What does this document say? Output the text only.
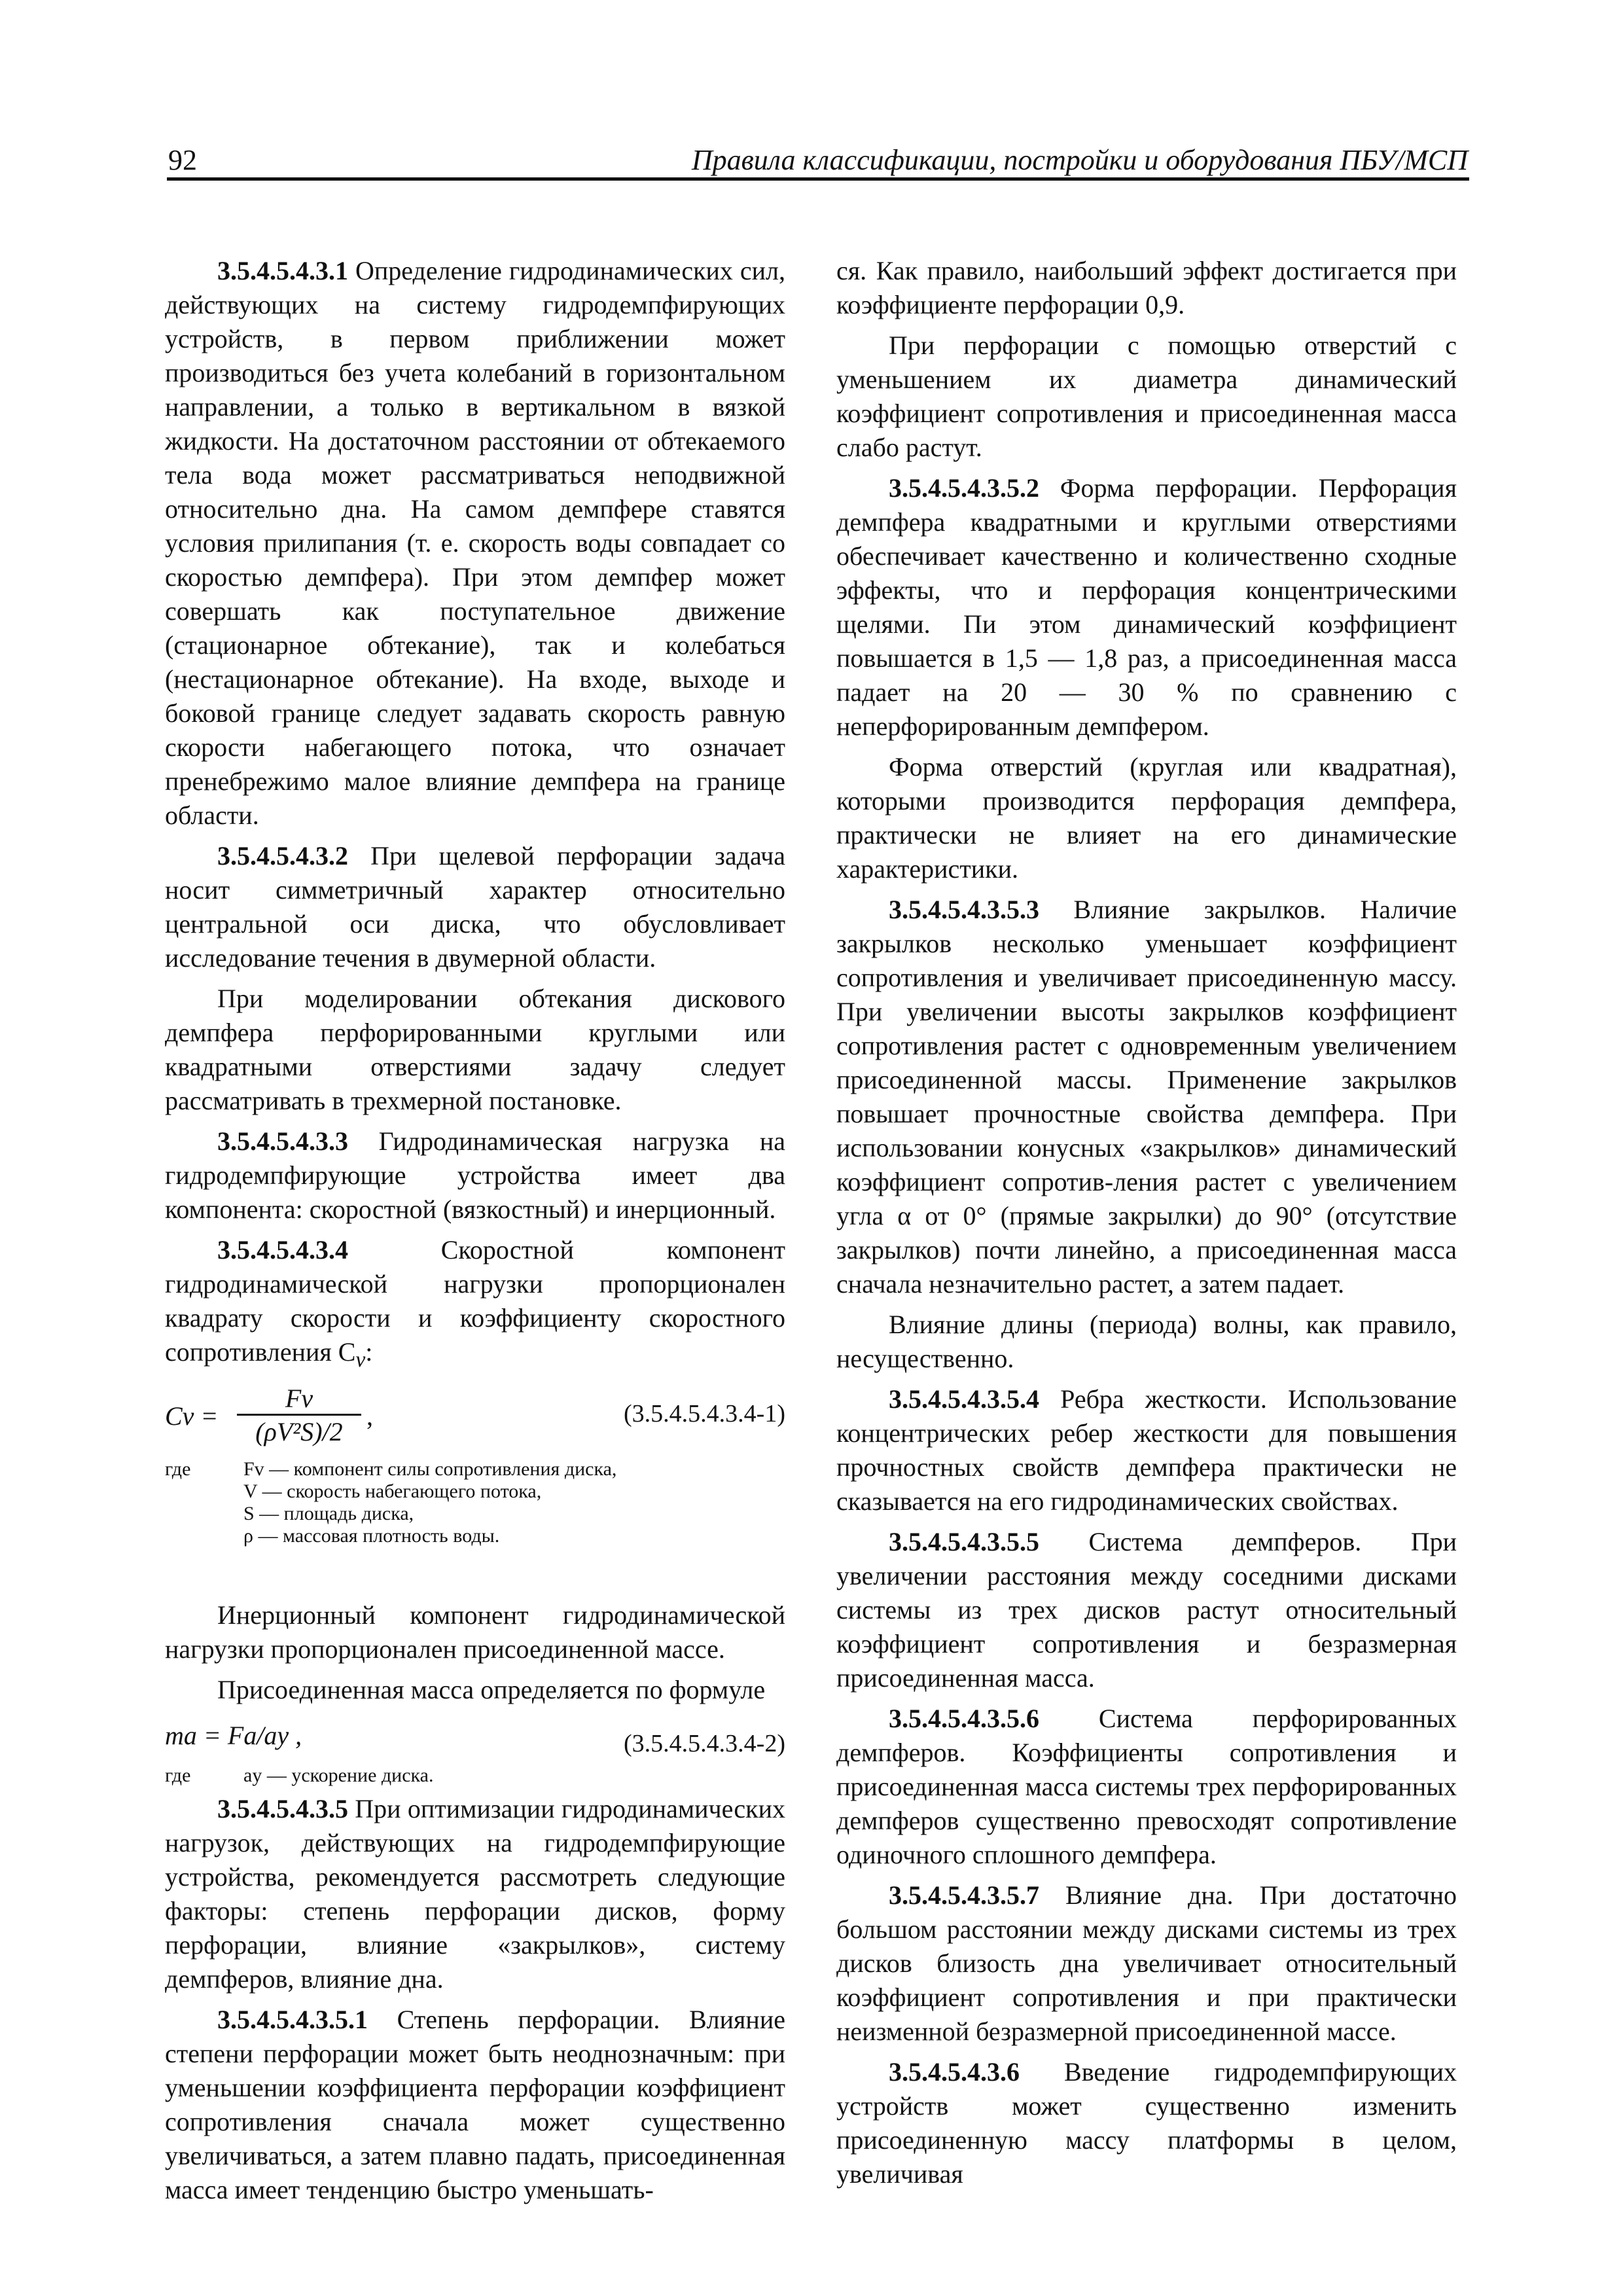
92	Правила классификации, постройки и оборудования ПБУ/МСП

3.5.4.5.4.3.1 Определение гидродинамических сил, действующих на систему гидродемпфирующих устройств, в первом приближении может производиться без учета колебаний в горизонтальном направлении, а только в вертикальном в вязкой жидкости. На достаточном расстоянии от обтекаемого тела вода может рассматриваться неподвижной относительно дна. На самом демпфере ставятся условия прилипания (т. е. скорость воды совпадает со скоростью демпфера). При этом демпфер может совершать как поступательное движение (стационарное обтекание), так и колебаться (нестационарное обтекание). На входе, выходе и боковой границе следует задавать скорость равную скорости набегающего потока, что означает пренебрежимо малое влияние демпфера на границе области.

3.5.4.5.4.3.2 При щелевой перфорации задача носит симметричный характер относительно центральной оси диска, что обусловливает исследование течения в двумерной области.

При моделировании обтекания дискового демпфера перфорированными круглыми или квадратными отверстиями задачу следует рассматривать в трехмерной постановке.

3.5.4.5.4.3.3 Гидродинамическая нагрузка на гидродемпфирующие устройства имеет два компонента: скоростной (вязкостный) и инерционный.

3.5.4.5.4.3.4 Скоростной компонент гидродинамической нагрузки пропорционален квадрату скорости и коэффициенту скоростного сопротивления $C_v$:

$Cv = \frac{Fv}{\text{(ρV²S)/2}}$ ,	(3.5.4.5.4.3.4-1)
где	Fv — компонент силы сопротивления диска,
V — скорость набегающего потока,
S — площадь диска,
ρ — массовая плотность воды.

Инерционный компонент гидродинамической нагрузки пропорционален присоединенной массе.

Присоединенная масса определяется по формуле

ma = Fa/ay ,	(3.5.4.5.4.3.4-2)
где	ay — ускорение диска.

3.5.4.5.4.3.5 При оптимизации гидродинамических нагрузок, действующих на гидродемпфирующие устройства, рекомендуется рассмотреть следующие факторы: степень перфорации дисков, форму перфорации, влияние «закрылков», систему демпферов, влияние дна.

3.5.4.5.4.3.5.1 Степень перфорации. Влияние степени перфорации может быть неоднозначным: при уменьшении коэффициента перфорации коэффициент сопротивления сначала может существенно увеличиваться, а затем плавно падать, присоединенная масса имеет тенденцию быстро уменьшать-

ся. Как правило, наибольший эффект достигается при коэффициенте перфорации 0,9.

При перфорации с помощью отверстий с уменьшением их диаметра динамический коэффициент сопротивления и присоединенная масса слабо растут.

3.5.4.5.4.3.5.2 Форма перфорации. Перфорация демпфера квадратными и круглыми отверстиями обеспечивает качественно и количественно сходные эффекты, что и перфорация концентрическими щелями. Пи этом динамический коэффициент повышается в 1,5 — 1,8 раз, а присоединенная масса падает на 20 — 30 % по сравнению с неперфорированным демпфером.

Форма отверстий (круглая или квадратная), которыми производится перфорация демпфера, практически не влияет на его динамические характеристики.

3.5.4.5.4.3.5.3 Влияние закрылков. Наличие закрылков несколько уменьшает коэффициент сопротивления и увеличивает присоединенную массу. При увеличении высоты закрылков коэффициент сопротивления растет с одновременным увеличением присоединенной массы. Применение закрылков повышает прочностные свойства демпфера. При использовании конусных «закрылков» динамический коэффициент сопротив-ления растет с увеличением угла α от 0° (прямые закрылки) до 90° (отсутствие закрылков) почти линейно, а присоединенная масса сначала незначительно растет, а затем падает.

Влияние длины (периода) волны, как правило, несущественно.

3.5.4.5.4.3.5.4 Ребра жесткости. Использование концентрических ребер жесткости для повышения прочностных свойств демпфера практически не сказывается на его гидродинамических свойствах.

3.5.4.5.4.3.5.5 Система демпферов. При увеличении расстояния между соседними дисками системы из трех дисков растут относительный коэффициент сопротивления и безразмерная присоединенная масса.

3.5.4.5.4.3.5.6 Система перфорированных демпферов. Коэффициенты сопротивления и присоединенная масса системы трех перфорированных демпферов существенно превосходят сопротивление одиночного сплошного демпфера.

3.5.4.5.4.3.5.7 Влияние дна. При достаточно большом расстоянии между дисками системы из трех дисков близость дна увеличивает относительный коэффициент сопротивления и при практически неизменной безразмерной присоединенной массе.

3.5.4.5.4.3.6 Введение гидродемпфирующих устройств может существенно изменить присоединенную массу платформы в целом, увеличивая
